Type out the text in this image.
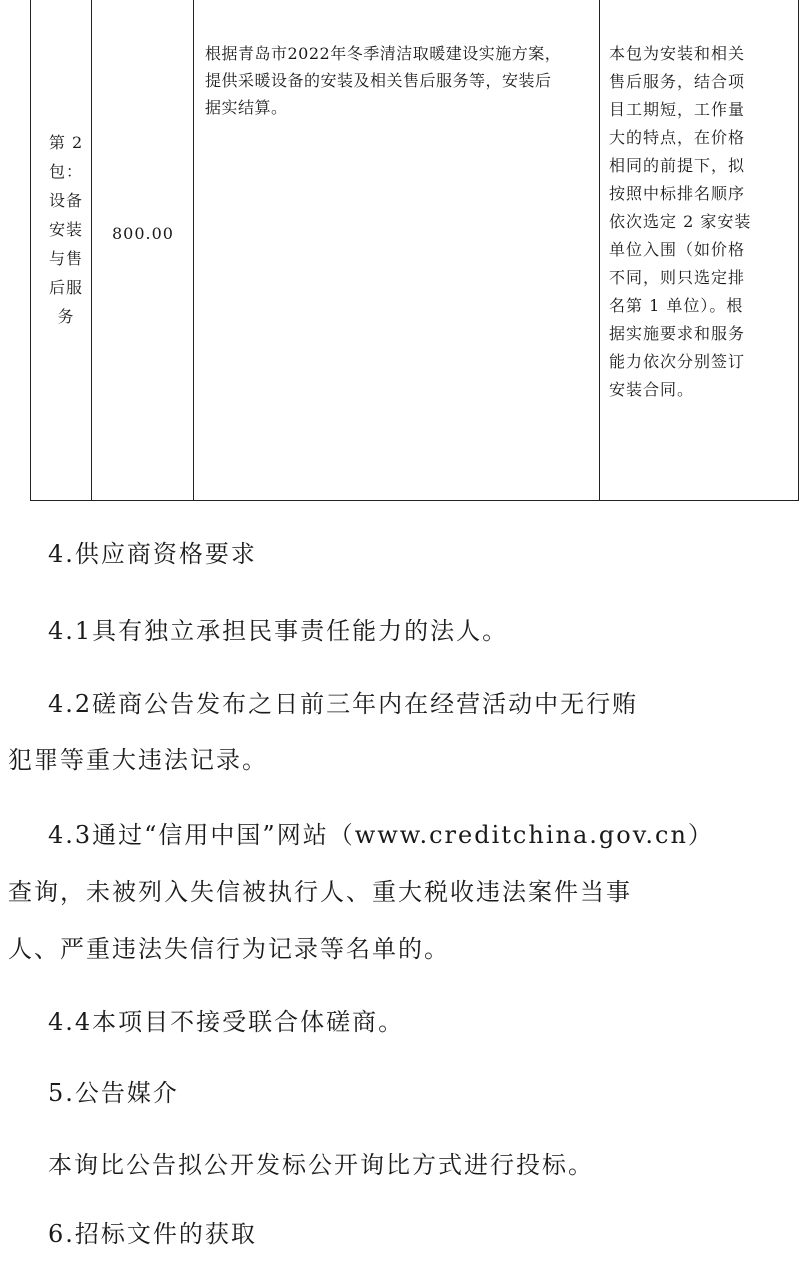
第 2
包：
设备
安装
与售
后服
务
800.00
根据青岛市2022年冬季清洁取暖建设实施方案，
提供采暖设备的安装及相关售后服务等，安装后
据实结算。
本包为安装和相关
售后服务，结合项
目工期短，工作量
大的特点，在价格
相同的前提下，拟
按照中标排名顺序
依次选定 2 家安装
单位入围（如价格
不同，则只选定排
名第 1 单位）。根
据实施要求和服务
能力依次分别签订
安装合同。
4.供应商资格要求
4.1具有独立承担民事责任能力的法人。
4.2磋商公告发布之日前三年内在经营活动中无行贿
犯罪等重大违法记录。
4.3通过“信用中国”网站（www.creditchina.gov.cn）
查询，未被列入失信被执行人、重大税收违法案件当事
人、严重违法失信行为记录等名单的。
4.4本项目不接受联合体磋商。
5.公告媒介
本询比公告拟公开发标公开询比方式进行投标。
6.招标文件的获取
